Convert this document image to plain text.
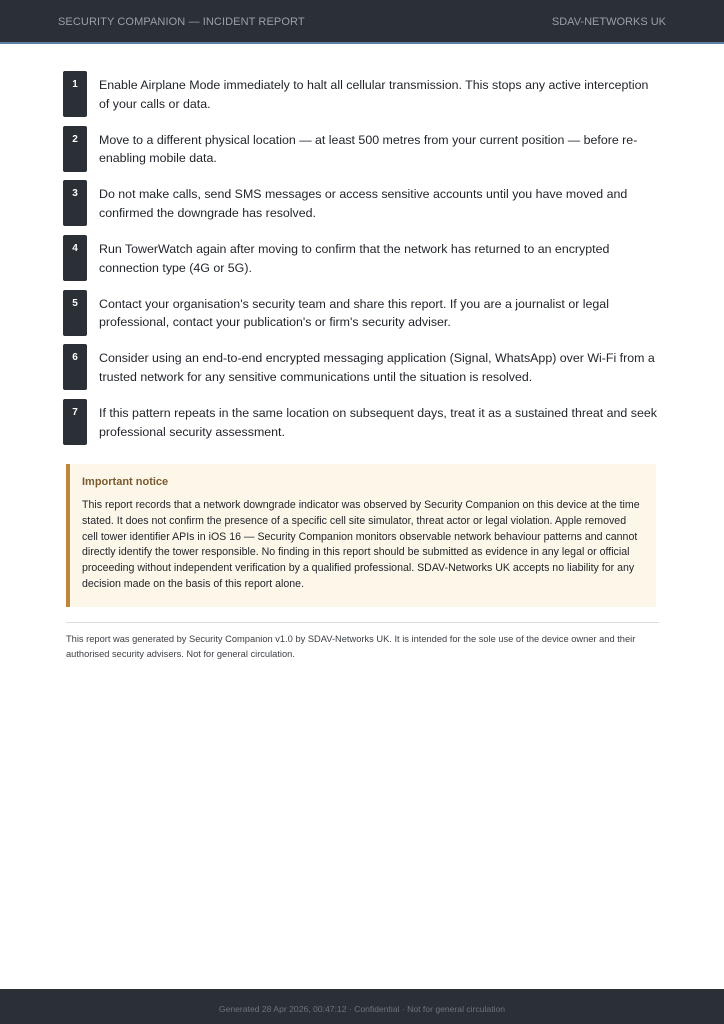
SECURITY COMPANION — INCIDENT REPORT	SDAV-NETWORKS UK
1	Enable Airplane Mode immediately to halt all cellular transmission. This stops any active interception of your calls or data.
2	Move to a different physical location — at least 500 metres from your current position — before re-enabling mobile data.
3	Do not make calls, send SMS messages or access sensitive accounts until you have moved and confirmed the downgrade has resolved.
4	Run TowerWatch again after moving to confirm that the network has returned to an encrypted connection type (4G or 5G).
5	Contact your organisation's security team and share this report. If you are a journalist or legal professional, contact your publication's or firm's security adviser.
6	Consider using an end-to-end encrypted messaging application (Signal, WhatsApp) over Wi-Fi from a trusted network for any sensitive communications until the situation is resolved.
7	If this pattern repeats in the same location on subsequent days, treat it as a sustained threat and seek professional security assessment.
Important notice
This report records that a network downgrade indicator was observed by Security Companion on this device at the time stated. It does not confirm the presence of a specific cell site simulator, threat actor or legal violation. Apple removed cell tower identifier APIs in iOS 16 — Security Companion monitors observable network behaviour patterns and cannot directly identify the tower responsible. No finding in this report should be submitted as evidence in any legal or official proceeding without independent verification by a qualified professional. SDAV-Networks UK accepts no liability for any decision made on the basis of this report alone.
This report was generated by Security Companion v1.0 by SDAV-Networks UK. It is intended for the sole use of the device owner and their authorised security advisers. Not for general circulation.
Generated 28 Apr 2026, 00:47:12 · Confidential · Not for general circulation
